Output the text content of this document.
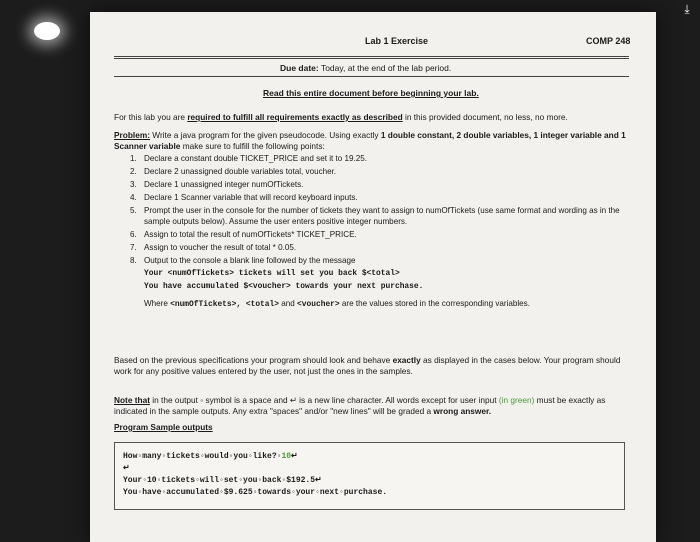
⤓
Lab 1 Exercise	COMP 248
Due date: Today, at the end of the lab period.
Read this entire document before beginning your lab.
For this lab you are required to fulfill all requirements exactly as described in this provided document, no less, no more.
Problem: Write a java program for the given pseudocode. Using exactly 1 double constant, 2 double variables, 1 integer variable and 1 Scanner variable make sure to fulfill the following points:
1. Declare a constant double TICKET_PRICE and set it to 19.25.
2. Declare 2 unassigned double variables total, voucher.
3. Declare 1 unassigned integer numOfTickets.
4. Declare 1 Scanner variable that will record keyboard inputs.
5. Prompt the user in the console for the number of tickets they want to assign to numOfTickets (use same format and wording as in the sample outputs below). Assume the user enters positive integer numbers.
6. Assign to total the result of numOfTickets* TICKET_PRICE.
7. Assign to voucher the result of total * 0.05.
8. Output to the console a blank line followed by the message
Your <numOfTickets> tickets will set you back $<total>
You have accumulated $<voucher> towards your next purchase.
Where <numOfTickets>, <total> and <voucher> are the values stored in the corresponding variables.
Based on the previous specifications your program should look and behave exactly as displayed in the cases below. Your program should work for any positive values entered by the user, not just the ones in the samples.
Note that in the output ◦ symbol is a space and ↵ is a new line character. All words except for user input (in green) must be exactly as indicated in the sample outputs. Any extra "spaces" and/or "new lines" will be graded a wrong answer.
Program Sample outputs
How◦many◦tickets◦would◦you◦like?◦10↵
↵
Your◦10◦tickets◦will◦set◦you◦back◦$192.5↵
You◦have◦accumulated◦$9.625◦towards◦your◦next◦purchase.
